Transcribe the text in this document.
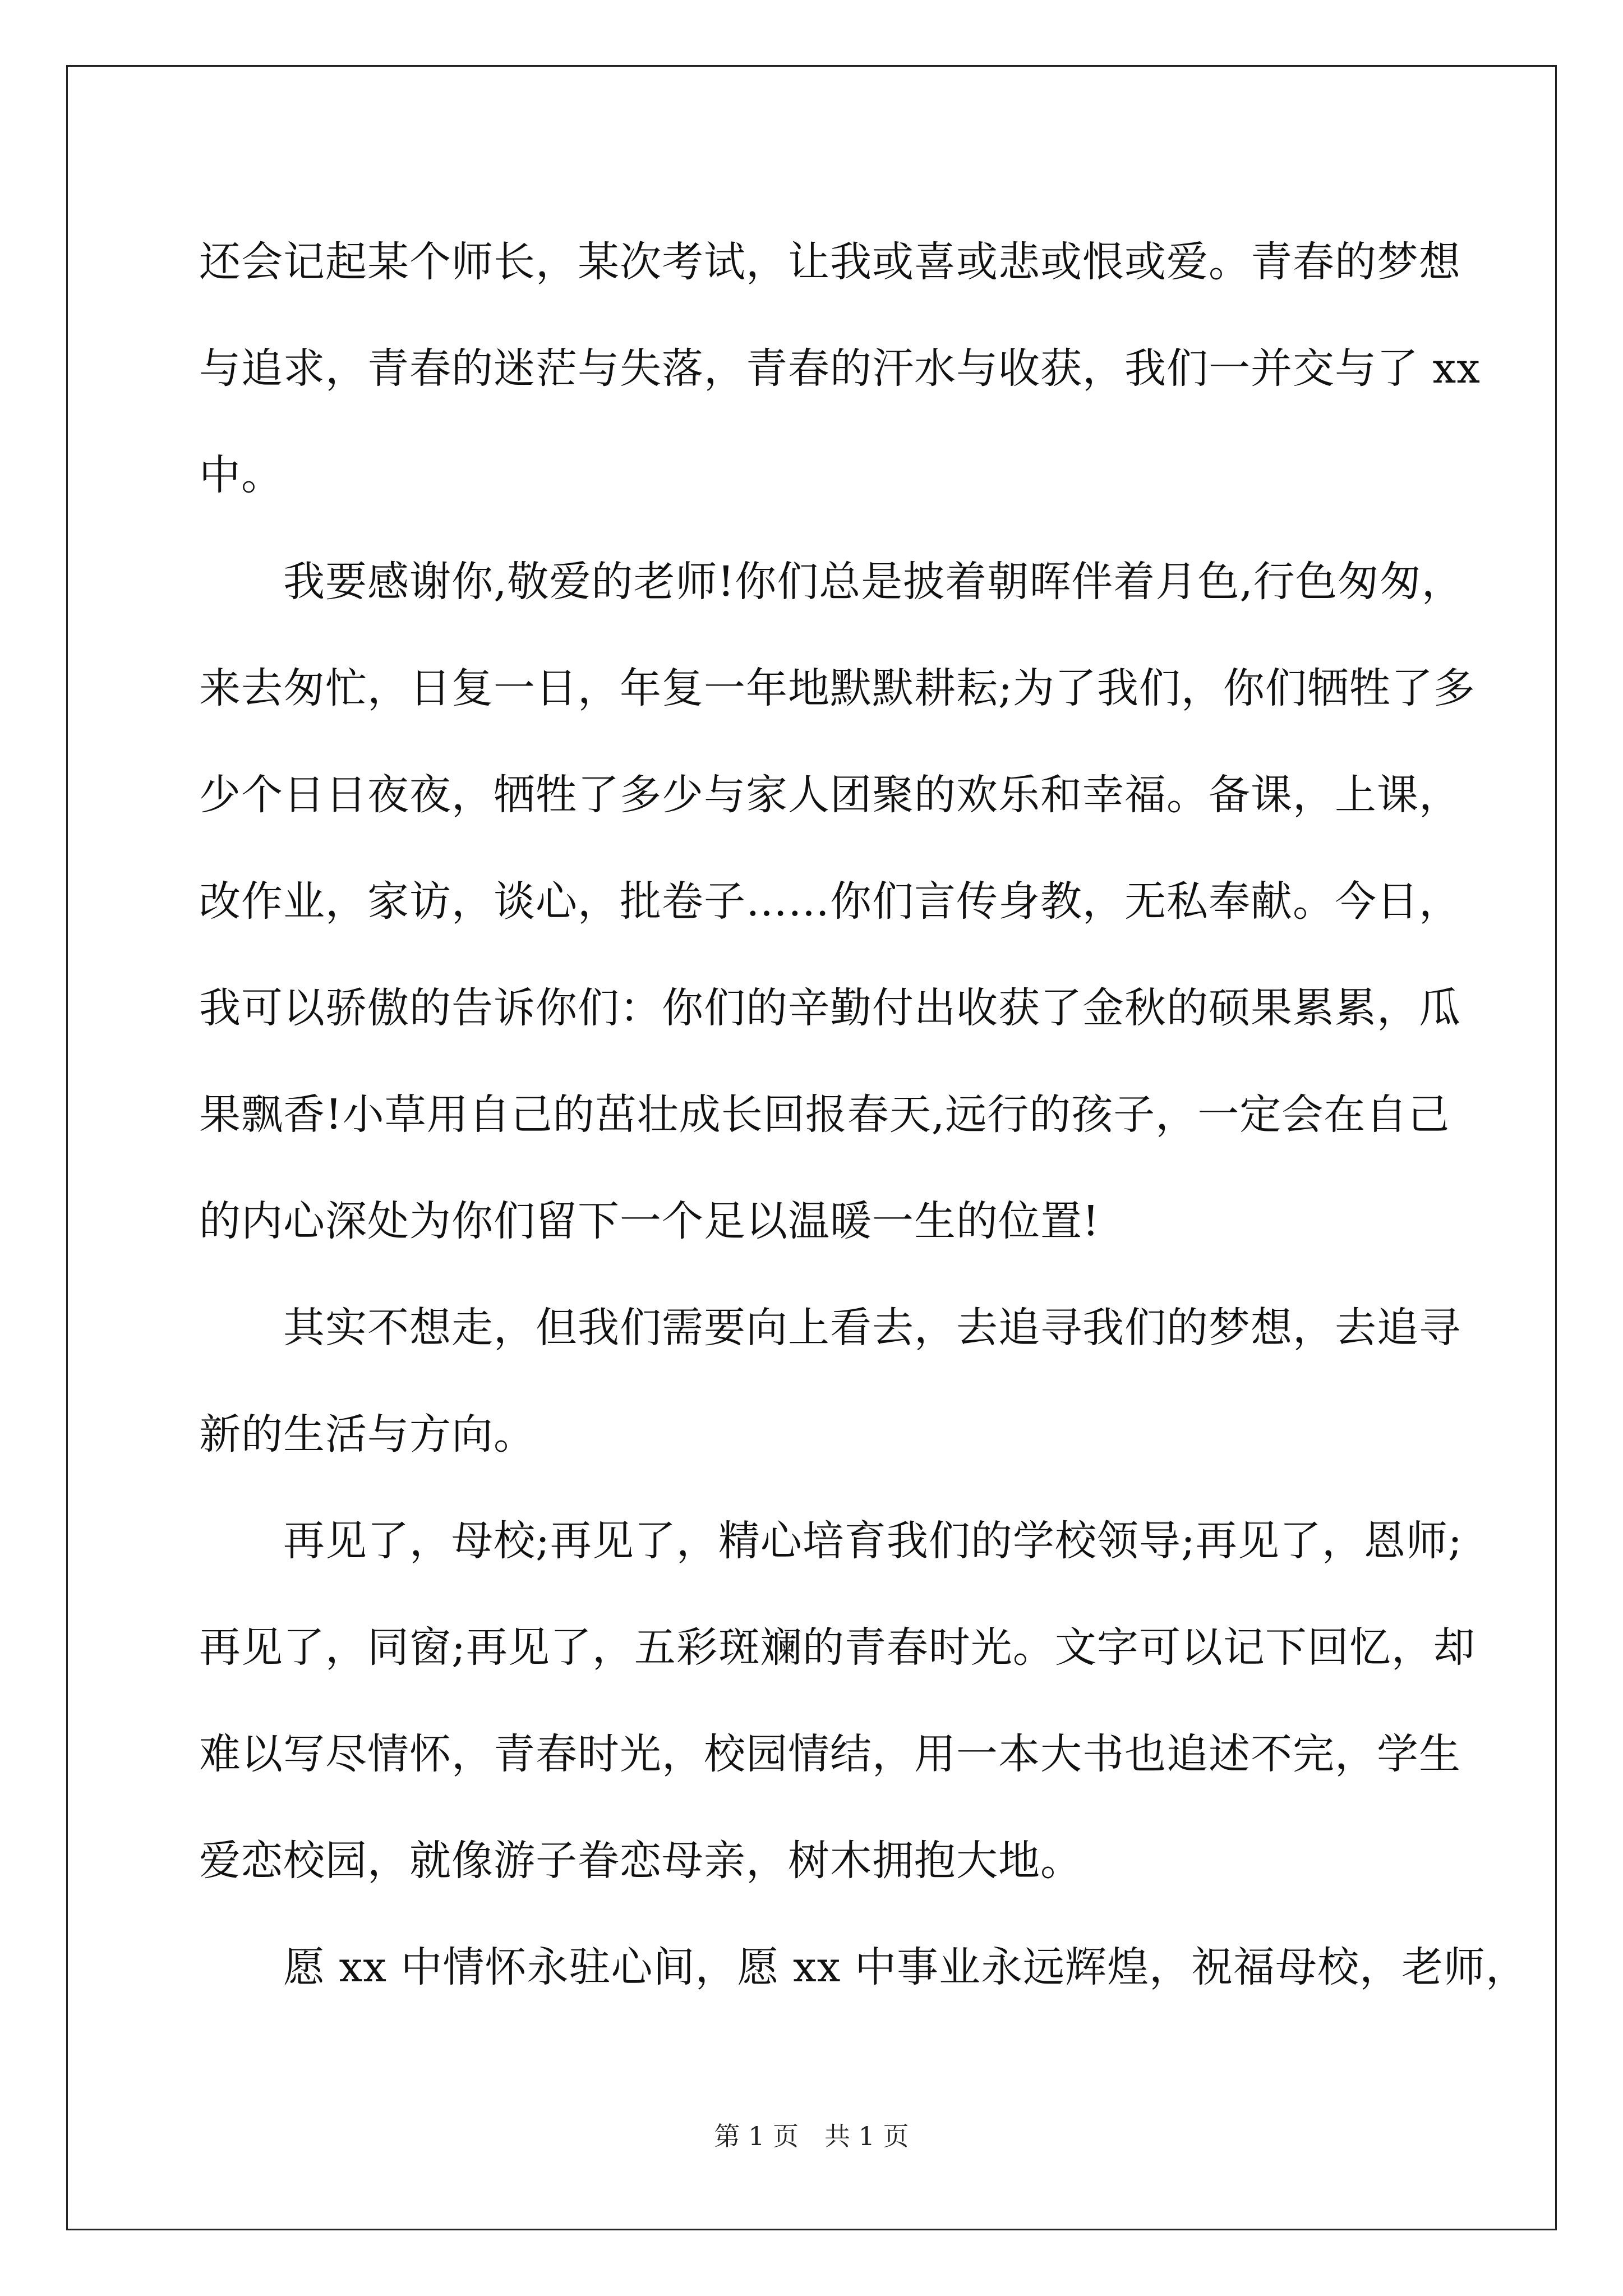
还会记起某个师长，某次考试，让我或喜或悲或恨或爱。青春的梦想
与追求，青春的迷茫与失落，青春的汗水与收获，我们一并交与了 xx
中。
我要感谢你,敬爱的老师!你们总是披着朝晖伴着月色,行色匆匆，
来去匆忙，日复一日，年复一年地默默耕耘;为了我们，你们牺牲了多
少个日日夜夜，牺牲了多少与家人团聚的欢乐和幸福。备课，上课，
改作业，家访，谈心，批卷子……你们言传身教，无私奉献。今日，
我可以骄傲的告诉你们：你们的辛勤付出收获了金秋的硕果累累，瓜
果飘香!小草用自己的茁壮成长回报春天,远行的孩子，一定会在自己
的内心深处为你们留下一个足以温暖一生的位置!
其实不想走，但我们需要向上看去，去追寻我们的梦想，去追寻
新的生活与方向。
再见了，母校;再见了，精心培育我们的学校领导;再见了，恩师;
再见了，同窗;再见了，五彩斑斓的青春时光。文字可以记下回忆，却
难以写尽情怀，青春时光，校园情结，用一本大书也追述不完，学生
爱恋校园，就像游子眷恋母亲，树木拥抱大地。
愿 xx 中情怀永驻心间，愿 xx 中事业永远辉煌，祝福母校，老师，
第 1 页　共 1 页
